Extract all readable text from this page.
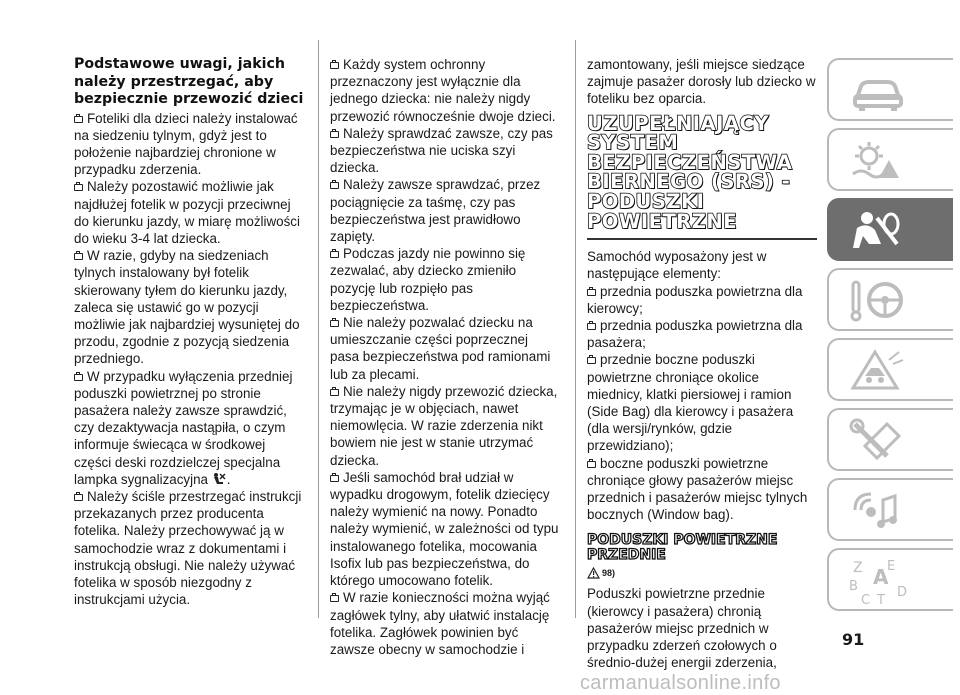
Podstawowe uwagi, jakich należy przestrzegać, aby bezpiecznie przewozić dzieci

Foteliki dla dzieci należy instalować na siedzeniu tylnym, gdyż jest to położenie najbardziej chronione w przypadku zderzenia.

Należy pozostawić możliwie jak najdłużej fotelik w pozycji przeciwnej do kierunku jazdy, w miarę możliwości do wieku 3-4 lat dziecka.

W razie, gdyby na siedzeniach tylnych instalowany był fotelik skierowany tyłem do kierunku jazdy, zaleca się ustawić go w pozycji możliwie jak najbardziej wysuniętej do przodu, zgodnie z pozycją siedzenia przedniego.

W przypadku wyłączenia przedniej poduszki powietrznej po stronie pasażera należy zawsze sprawdzić, czy dezaktywacja nastąpiła, o czym informuje świecąca w środkowej części deski rozdzielczej specjalna lampka sygnalizacyjna .

Należy ściśle przestrzegać instrukcji przekazanych przez producenta fotelika. Należy przechowywać ją w samochodzie wraz z dokumentami i instrukcją obsługi. Nie należy używać fotelika w sposób niezgodny z instrukcjami użycia.

Każdy system ochronny przeznaczony jest wyłącznie dla jednego dziecka: nie należy nigdy przewozić równocześnie dwoje dzieci.

Należy sprawdzać zawsze, czy pas bezpieczeństwa nie uciska szyi dziecka.

Należy zawsze sprawdzać, przez pociągnięcie za taśmę, czy pas bezpieczeństwa jest prawidłowo zapięty.

Podczas jazdy nie powinno się zezwalać, aby dziecko zmieniło pozycję lub rozpięło pas bezpieczeństwa.

Nie należy pozwalać dziecku na umieszczanie części poprzecznej pasa bezpieczeństwa pod ramionami lub za plecami.

Nie należy nigdy przewozić dziecka, trzymając je w objęciach, nawet niemowlęcia. W razie zderzenia nikt bowiem nie jest w stanie utrzymać dziecka.

Jeśli samochód brał udział w wypadku drogowym, fotelik dziecięcy należy wymienić na nowy. Ponadto należy wymienić, w zależności od typu instalowanego fotelika, mocowania Isofix lub pas bezpieczeństwa, do którego umocowano fotelik.

W razie konieczności można wyjąć zagłówek tylny, aby ułatwić instalację fotelika. Zagłówek powinien być zawsze obecny w samochodzie i

zamontowany, jeśli miejsce siedzące zajmuje pasażer dorosły lub dziecko w foteliku bez oparcia.

UZUPEŁNIAJĄCY SYSTEM BEZPIECZEŃSTWA BIERNEGO (SRS) - PODUSZKI POWIETRZNE

Samochód wyposażony jest w następujące elementy:

przednia poduszka powietrzna dla kierowcy;

przednia poduszka powietrzna dla pasażera;

przednie boczne poduszki powietrzne chroniące okolice miednicy, klatki piersiowej i ramion (Side Bag) dla kierowcy i pasażera (dla wersji/rynków, gdzie przewidziano);

boczne poduszki powietrzne chroniące głowy pasażerów miejsc przednich i pasażerów miejsc tylnych bocznych (Window bag).

PODUSZKI POWIETRZNE PRZEDNIE
$^{98)}$

Poduszki powietrzne przednie (kierowcy i pasażera) chronią pasażerów miejsc przednich w przypadku zderzeń czołowych o średnio-dużej energii zderzenia,

Z E
B A
C T
D
91
carmanualsonline.info
